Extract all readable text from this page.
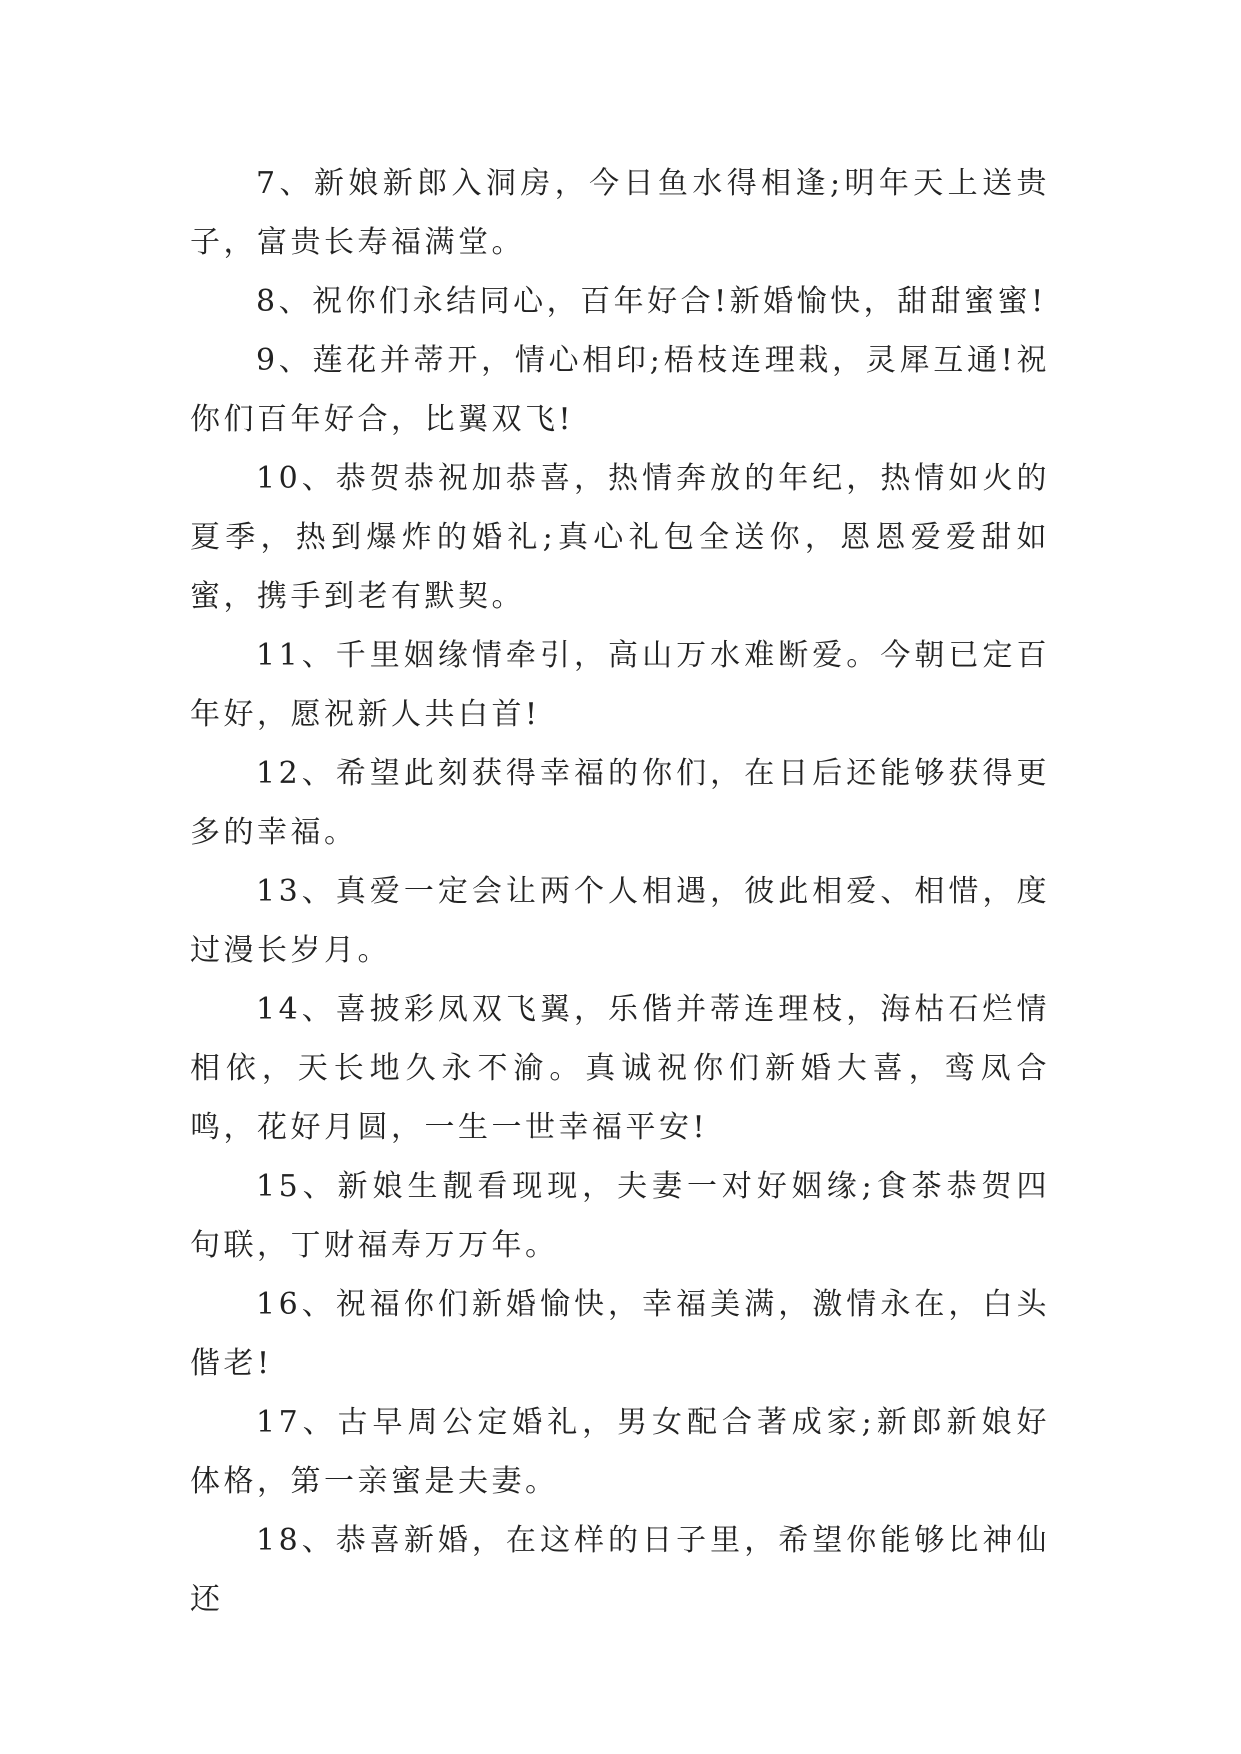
7、新娘新郎入洞房，今日鱼水得相逢;明年天上送贵子，富贵长寿福满堂。

8、祝你们永结同心，百年好合!新婚愉快，甜甜蜜蜜!

9、莲花并蒂开，情心相印;梧枝连理栽，灵犀互通!祝你们百年好合，比翼双飞!

10、恭贺恭祝加恭喜，热情奔放的年纪，热情如火的夏季，热到爆炸的婚礼;真心礼包全送你，恩恩爱爱甜如蜜，携手到老有默契。

11、千里姻缘情牵引，高山万水难断爱。今朝已定百年好，愿祝新人共白首!

12、希望此刻获得幸福的你们，在日后还能够获得更多的幸福。

13、真爱一定会让两个人相遇，彼此相爱、相惜，度过漫长岁月。

14、喜披彩凤双飞翼，乐偕并蒂连理枝，海枯石烂情相依，天长地久永不渝。真诚祝你们新婚大喜，鸾凤合鸣，花好月圆，一生一世幸福平安!

15、新娘生靓看现现，夫妻一对好姻缘;食茶恭贺四句联，丁财福寿万万年。

16、祝福你们新婚愉快，幸福美满，激情永在，白头偕老!

17、古早周公定婚礼，男女配合著成家;新郎新娘好体格，第一亲蜜是夫妻。

18、恭喜新婚，在这样的日子里，希望你能够比神仙还
